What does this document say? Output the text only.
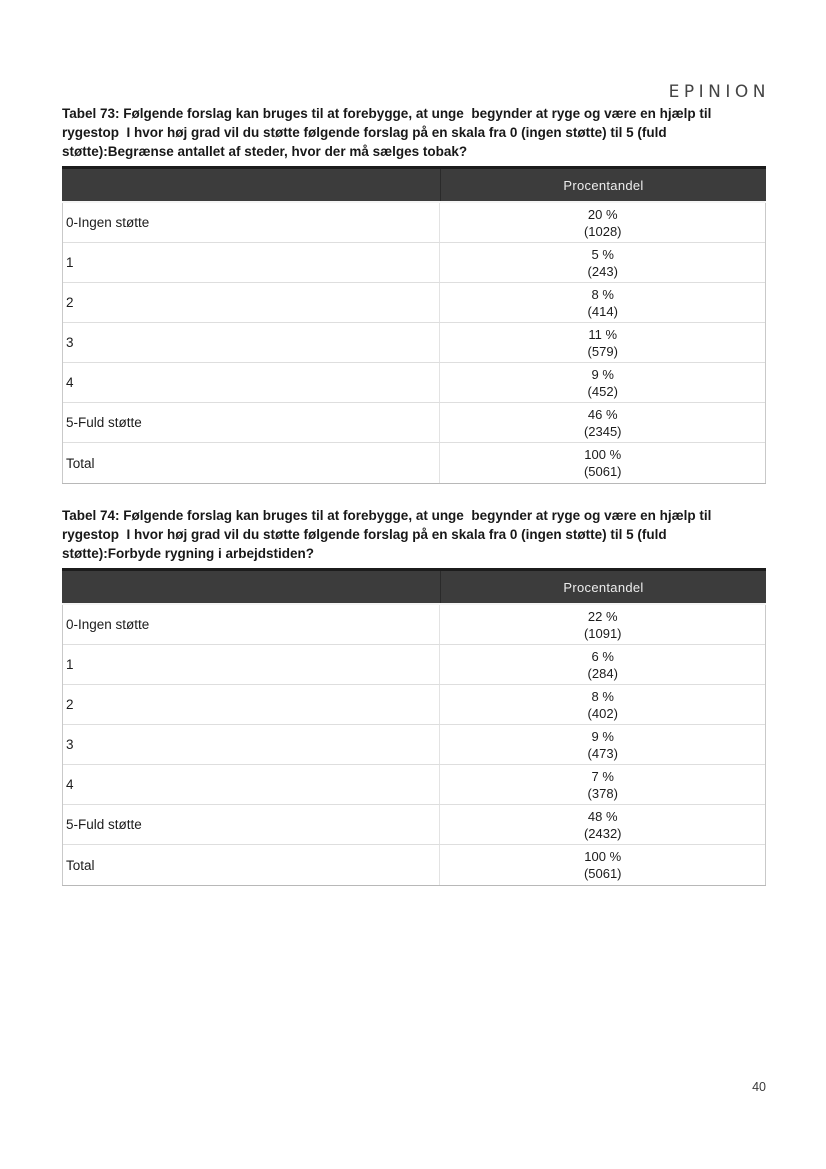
EPINION
Tabel 73: Følgende forslag kan bruges til at forebygge, at unge  begynder at ryge og være en hjælp til rygestop  I hvor høj grad vil du støtte følgende forslag på en skala fra 0 (ingen støtte) til 5 (fuld støtte):Begrænse antallet af steder, hvor der må sælges tobak?
Procentandel
0-Ingen støtte
20 %
(1028)
1
5 %
(243)
2
8 %
(414)
3
11 %
(579)
4
9 %
(452)
5-Fuld støtte
46 %
(2345)
Total
100 %
(5061)
Tabel 74: Følgende forslag kan bruges til at forebygge, at unge  begynder at ryge og være en hjælp til rygestop  I hvor høj grad vil du støtte følgende forslag på en skala fra 0 (ingen støtte) til 5 (fuld støtte):Forbyde rygning i arbejdstiden?
Procentandel
0-Ingen støtte
22 %
(1091)
1
6 %
(284)
2
8 %
(402)
3
9 %
(473)
4
7 %
(378)
5-Fuld støtte
48 %
(2432)
Total
100 %
(5061)
40
